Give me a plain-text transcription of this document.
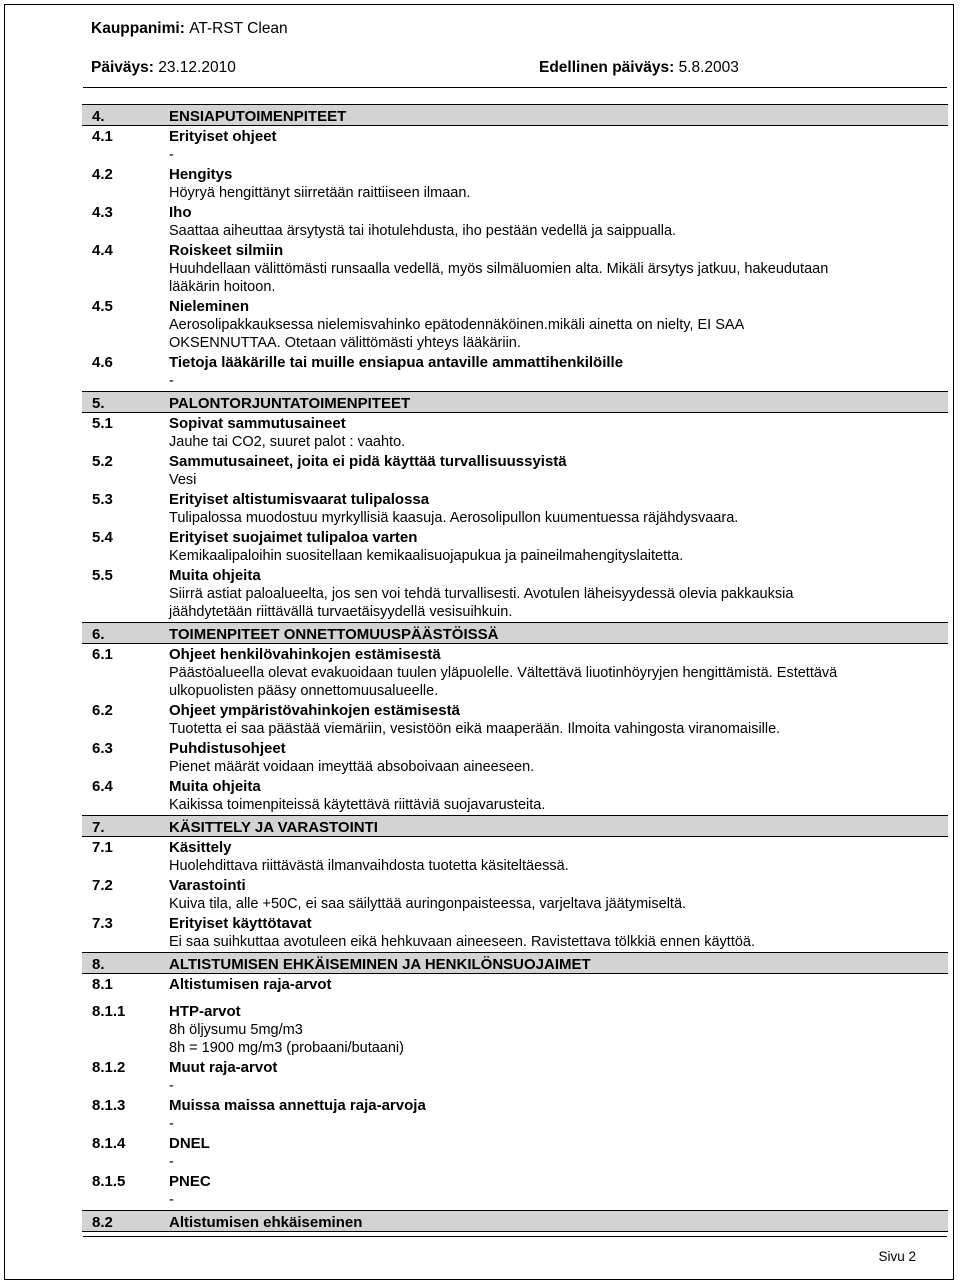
Kauppanimi: AT-RST Clean
Päiväys: 23.12.2010	Edellinen päiväys: 5.8.2003
4.	ENSIAPUTOIMENPITEET
4.1	Erityiset ohjeet
-
4.2	Hengitys
Höyryä hengittänyt siirretään raittiiseen ilmaan.
4.3	Iho
Saattaa aiheuttaa ärsytystä tai ihotulehdusta, iho pestään vedellä ja saippualla.
4.4	Roiskeet silmiin
Huuhdellaan välittömästi runsaalla vedellä, myös silmäluomien alta. Mikäli ärsytys jatkuu, hakeudutaan
lääkärin hoitoon.
4.5	Nieleminen
Aerosolipakkauksessa nielemisvahinko epätodennäköinen.mikäli ainetta on nielty, EI SAA
OKSENNUTTAA. Otetaan välittömästi yhteys lääkäriin.
4.6	Tietoja lääkärille tai muille ensiapua antaville ammattihenkilöille
-
5.	PALONTORJUNTATOIMENPITEET
5.1	Sopivat sammutusaineet
Jauhe tai CO2, suuret palot : vaahto.
5.2	Sammutusaineet, joita ei pidä käyttää turvallisuussyistä
Vesi
5.3	Erityiset altistumisvaarat tulipalossa
Tulipalossa muodostuu myrkyllisiä kaasuja. Aerosolipullon kuumentuessa räjähdysvaara.
5.4	Erityiset suojaimet tulipaloa varten
Kemikaalipaloihin suositellaan kemikaalisuojapukua ja paineilmahengityslaitetta.
5.5	Muita ohjeita
Siirrä astiat paloalueelta, jos sen voi tehdä turvallisesti. Avotulen läheisyydessä olevia pakkauksia
jäähdytetään riittävällä turvaetäisyydellä vesisuihkuin.
6.	TOIMENPITEET ONNETTOMUUSPÄÄSTÖISSÄ
6.1	Ohjeet henkilövahinkojen estämisestä
Päästöalueella olevat evakuoidaan tuulen yläpuolelle. Vältettävä liuotinhöyryjen hengittämistä. Estettävä
ulkopuolisten pääsy onnettomuusalueelle.
6.2	Ohjeet ympäristövahinkojen estämisestä
Tuotetta ei saa päästää viemäriin, vesistöön eikä maaperään. Ilmoita vahingosta viranomaisille.
6.3	Puhdistusohjeet
Pienet määrät voidaan imeyttää absoboivaan aineeseen.
6.4	Muita ohjeita
Kaikissa toimenpiteissä käytettävä riittäviä suojavarusteita.
7.	KÄSITTELY JA VARASTOINTI
7.1	Käsittely
Huolehdittava riittävästä ilmanvaihdosta tuotetta käsiteltäessä.
7.2	Varastointi
Kuiva tila, alle +50C, ei saa säilyttää auringonpaisteessa, varjeltava jäätymiseltä.
7.3	Erityiset käyttötavat
Ei saa suihkuttaa avotuleen eikä hehkuvaan aineeseen. Ravistettava tölkkiä ennen käyttöä.
8.	ALTISTUMISEN EHKÄISEMINEN JA HENKILÖNSUOJAIMET
8.1	Altistumisen raja-arvot
8.1.1	HTP-arvot
8h öljysumu 5mg/m3
8h = 1900 mg/m3 (probaani/butaani)
8.1.2	Muut raja-arvot
-
8.1.3	Muissa maissa annettuja raja-arvoja
-
8.1.4	DNEL
-
8.1.5	PNEC
-
8.2	Altistumisen ehkäiseminen
Sivu 2
